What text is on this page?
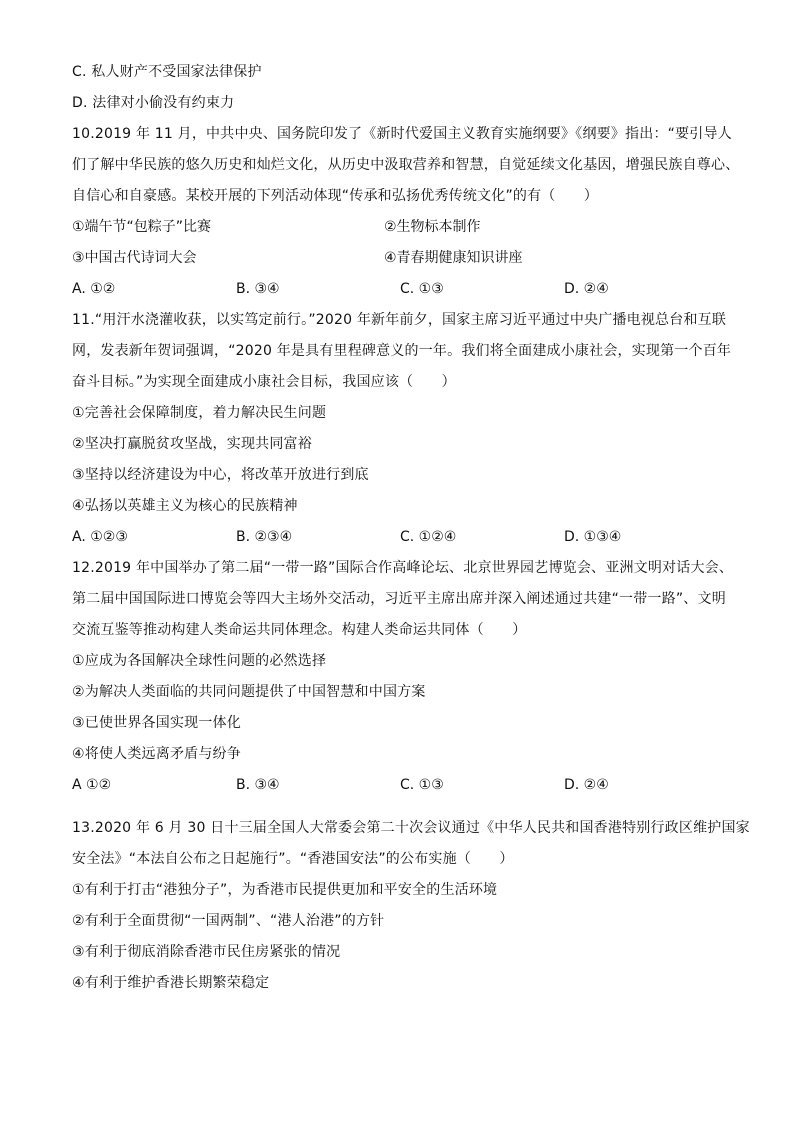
C. 私人财产不受国家法律保护
D. 法律对小偷没有约束力
10.2019 年 11 月，中共中央、国务院印发了《新时代爱国主义教育实施纲要》《纲要》指出：“要引导人
们了解中华民族的悠久历史和灿烂文化，从历史中汲取营养和智慧，自觉延续文化基因，增强民族自尊心、
自信心和自豪感。某校开展的下列活动体现“传承和弘扬优秀传统文化”的有（　　）
①端午节“包粽子”比赛	②生物标本制作
③中国古代诗词大会	④青春期健康知识讲座
A. ①②	B. ③④	C. ①③	D. ②④
11.“用汗水浇灌收获，以实笃定前行。”2020 年新年前夕，国家主席习近平通过中央广播电视总台和互联
网，发表新年贺词强调，“2020 年是具有里程碑意义的一年。我们将全面建成小康社会，实现第一个百年
奋斗目标。”为实现全面建成小康社会目标，我国应该（　　）
①完善社会保障制度，着力解决民生问题
②坚决打赢脱贫攻坚战，实现共同富裕
③坚持以经济建设为中心，将改革开放进行到底
④弘扬以英雄主义为核心的民族精神
A. ①②③	B. ②③④	C. ①②④	D. ①③④
12.2019 年中国举办了第二届“一带一路”国际合作高峰论坛、北京世界园艺博览会、亚洲文明对话大会、
第二届中国国际进口博览会等四大主场外交活动，习近平主席出席并深入阐述通过共建“一带一路”、文明
交流互鉴等推动构建人类命运共同体理念。构建人类命运共同体（　　）
①应成为各国解决全球性问题的必然选择
②为解决人类面临的共同问题提供了中国智慧和中国方案
③已使世界各国实现一体化
④将使人类远离矛盾与纷争
A ①②	B. ③④	C. ①③	D. ②④
13.2020 年 6 月 30 日十三届全国人大常委会第二十次会议通过《中华人民共和国香港特别行政区维护国家
安全法》“本法自公布之日起施行”。“香港国安法”的公布实施（　　）
①有利于打击“港独分子”，为香港市民提供更加和平安全的生活环境
②有利于全面贯彻“一国两制”、“港人治港”的方针
③有利于彻底消除香港市民住房紧张的情况
④有利于维护香港长期繁荣稳定
